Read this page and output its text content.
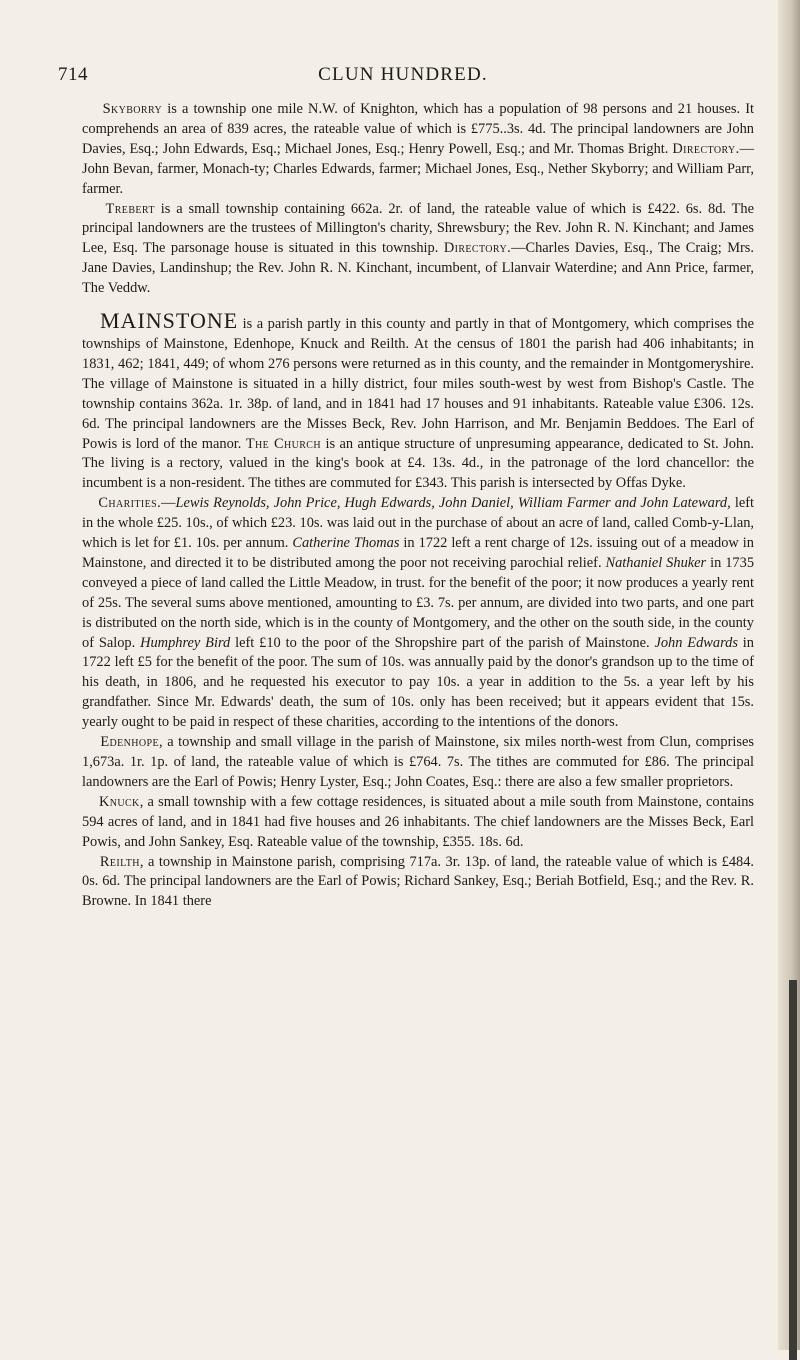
714	CLUN HUNDRED.

Skyborry is a township one mile N.W. of Knighton, which has a population of 98 persons and 21 houses. It comprehends an area of 839 acres, the rateable value of which is £775..3s. 4d. The principal landowners are John Davies, Esq.; John Edwards, Esq.; Michael Jones, Esq.; Henry Powell, Esq.; and Mr. Thomas Bright. Directory.— John Bevan, farmer, Monach-ty; Charles Edwards, farmer; Michael Jones, Esq., Nether Skyborry; and William Parr, farmer.

Trebert is a small township containing 662a. 2r. of land, the rateable value of which is £422. 6s. 8d. The principal landowners are the trustees of Millington's charity, Shrewsbury; the Rev. John R. N. Kinchant; and James Lee, Esq. The parsonage house is situated in this township. Directory.—Charles Davies, Esq., The Craig; Mrs. Jane Davies, Landinshup; the Rev. John R. N. Kinchant, incumbent, of Llanvair Waterdine; and Ann Price, farmer, The Veddw.

MAINSTONE is a parish partly in this county and partly in that of Montgomery, which comprises the townships of Mainstone, Edenhope, Knuck and Reilth. At the census of 1801 the parish had 406 inhabitants; in 1831, 462; 1841, 449; of whom 276 persons were returned as in this county, and the remainder in Montgomeryshire. The village of Mainstone is situated in a hilly district, four miles south-west by west from Bishop's Castle. The township contains 362a. 1r. 38p. of land, and in 1841 had 17 houses and 91 inhabitants. Rateable value £306. 12s. 6d. The principal landowners are the Misses Beck, Rev. John Harrison, and Mr. Benjamin Beddoes. The Earl of Powis is lord of the manor. The Church is an antique structure of unpresuming appearance, dedicated to St. John. The living is a rectory, valued in the king's book at £4. 13s. 4d., in the patronage of the lord chancellor: the incumbent is a non-resident. The tithes are commuted for £343. This parish is intersected by Offas Dyke.

Charities.—Lewis Reynolds, John Price, Hugh Edwards, John Daniel, William Farmer and John Lateward, left in the whole £25. 10s., of which £23. 10s. was laid out in the purchase of about an acre of land, called Comb-y-Llan, which is let for £1. 10s. per annum. Catherine Thomas in 1722 left a rent charge of 12s. issuing out of a meadow in Mainstone, and directed it to be distributed among the poor not receiving parochial relief. Nathaniel Shuker in 1735 conveyed a piece of land called the Little Meadow, in trust. for the benefit of the poor; it now produces a yearly rent of 25s. The several sums above mentioned, amounting to £3. 7s. per annum, are divided into two parts, and one part is distributed on the north side, which is in the county of Montgomery, and the other on the south side, in the county of Salop. Humphrey Bird left £10 to the poor of the Shropshire part of the parish of Mainstone. John Edwards in 1722 left £5 for the benefit of the poor. The sum of 10s. was annually paid by the donor's grandson up to the time of his death, in 1806, and he requested his executor to pay 10s. a year in addition to the 5s. a year left by his grandfather. Since Mr. Edwards' death, the sum of 10s. only has been received; but it appears evident that 15s. yearly ought to be paid in respect of these charities, according to the intentions of the donors.

Edenhope, a township and small village in the parish of Mainstone, six miles north-west from Clun, comprises 1,673a. 1r. 1p. of land, the rateable value of which is £764. 7s. The tithes are commuted for £86. The principal landowners are the Earl of Powis; Henry Lyster, Esq.; John Coates, Esq.: there are also a few smaller proprietors.

Knuck, a small township with a few cottage residences, is situated about a mile south from Mainstone, contains 594 acres of land, and in 1841 had five houses and 26 inhabitants. The chief landowners are the Misses Beck, Earl Powis, and John Sankey, Esq. Rateable value of the township, £355. 18s. 6d.

Reilth, a township in Mainstone parish, comprising 717a. 3r. 13p. of land, the rateable value of which is £484. 0s. 6d. The principal landowners are the Earl of Powis; Richard Sankey, Esq.; Beriah Botfield, Esq.; and the Rev. R. Browne. In 1841 there
